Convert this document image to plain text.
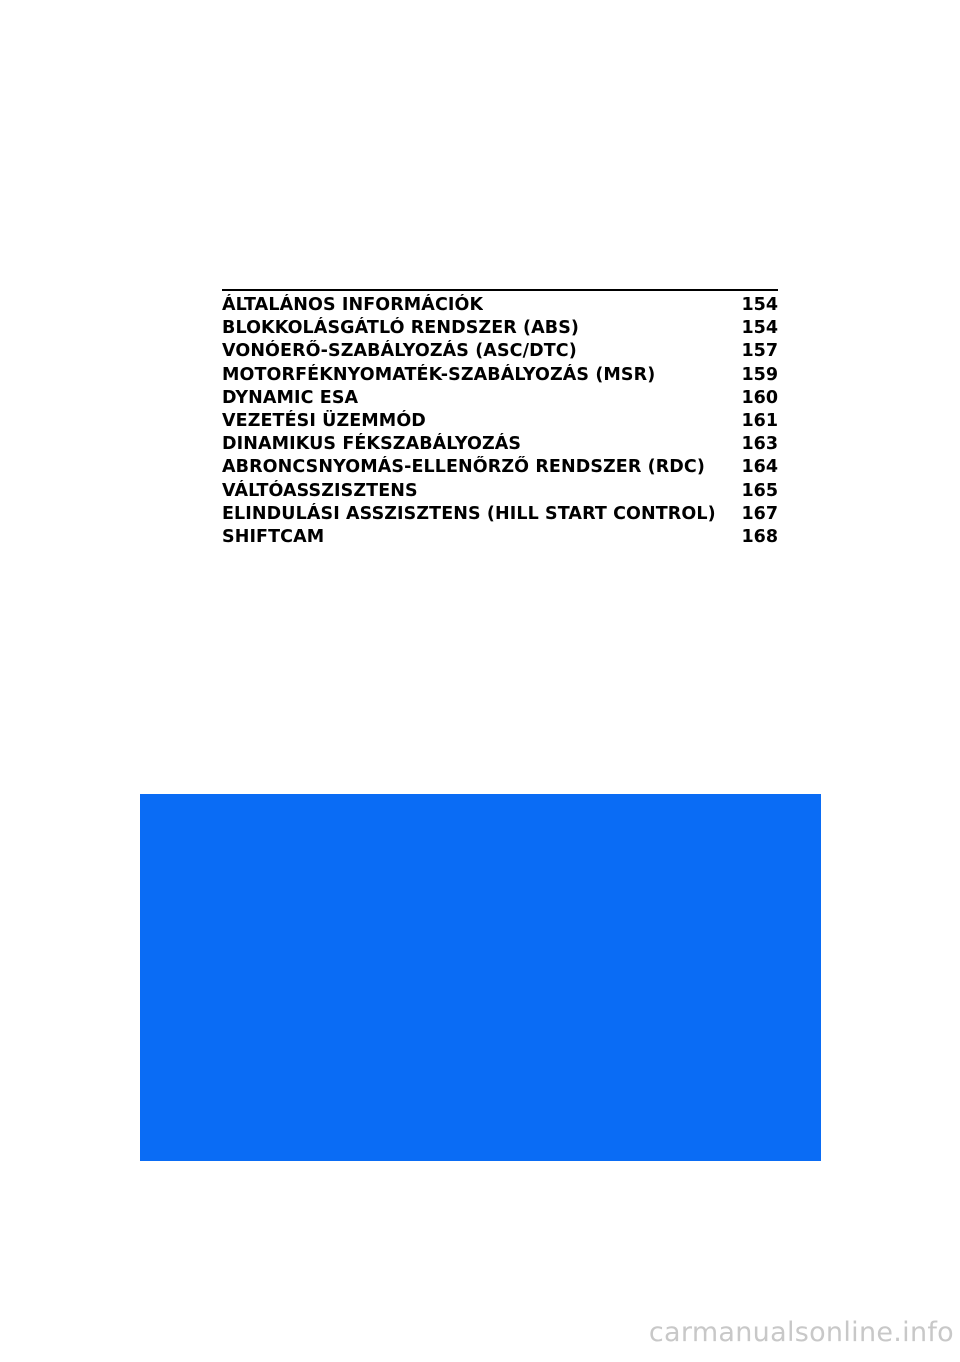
ÁLTALÁNOS INFORMÁCIÓK	154
BLOKKOLÁSGÁTLÓ RENDSZER (ABS)	154
VONÓERŐ-SZABÁLYOZÁS (ASC/DTC)	157
MOTORFÉKNYOMATÉK-SZABÁLYOZÁS (MSR)	159
DYNAMIC ESA	160
VEZETÉSI ÜZEMMÓD	161
DINAMIKUS FÉKSZABÁLYOZÁS	163
ABRONCSNYOMÁS-ELLENŐRZŐ RENDSZER (RDC) 164
VÁLTÓASSZISZTENS	165
ELINDULÁSI ASSZISZTENS (HILL START CONTROL) 167
SHIFTCAM	168
carmanualsonline.info
